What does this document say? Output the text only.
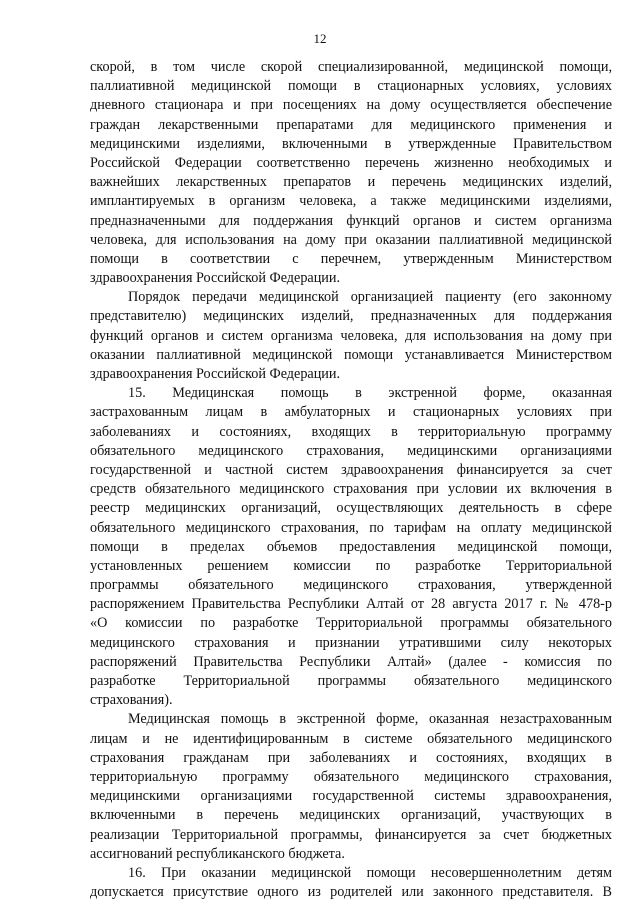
12
скорой, в том числе скорой специализированной, медицинской помощи,
паллиативной медицинской помощи в стационарных условиях, условиях
дневного стационара и при посещениях на дому осуществляется обеспечение
граждан лекарственными препаратами для медицинского применения и
медицинскими изделиями, включенными в утвержденные Правительством
Российской Федерации соответственно перечень жизненно необходимых и
важнейших лекарственных препаратов и перечень медицинских изделий,
имплантируемых в организм человека, а также медицинскими изделиями,
предназначенными для поддержания функций органов и систем организма
человека, для использования на дому при оказании паллиативной медицинской
помощи в соответствии с перечнем, утвержденным Министерством
здравоохранения Российской Федерации.
Порядок передачи медицинской организацией пациенту (его законному
представителю) медицинских изделий, предназначенных для поддержания
функций органов и систем организма человека, для использования на дому при
оказании паллиативной медицинской помощи устанавливается Министерством
здравоохранения Российской Федерации.
15. Медицинская помощь в экстренной форме, оказанная
застрахованным лицам в амбулаторных и стационарных условиях при
заболеваниях и состояниях, входящих в территориальную программу
обязательного медицинского страхования, медицинскими организациями
государственной и частной систем здравоохранения финансируется за счет
средств обязательного медицинского страхования при условии их включения в
реестр медицинских организаций, осуществляющих деятельность в сфере
обязательного медицинского страхования, по тарифам на оплату медицинской
помощи в пределах объемов предоставления медицинской помощи,
установленных решением комиссии по разработке Территориальной
программы обязательного медицинского страхования, утвержденной
распоряжением Правительства Республики Алтай от 28 августа 2017 г. № 478-р
«О комиссии по разработке Территориальной программы обязательного
медицинского страхования и признании утратившими силу некоторых
распоряжений Правительства Республики Алтай» (далее - комиссия по
разработке Территориальной программы обязательного медицинского
страхования).
Медицинская помощь в экстренной форме, оказанная незастрахованным
лицам и не идентифицированным в системе обязательного медицинского
страхования гражданам при заболеваниях и состояниях, входящих в
территориальную программу обязательного медицинского страхования,
медицинскими организациями государственной системы здравоохранения,
включенными в перечень медицинских организаций, участвующих в
реализации Территориальной программы, финансируется за счет бюджетных
ассигнований республиканского бюджета.
16. При оказании медицинской помощи несовершеннолетним детям
допускается присутствие одного из родителей или законного представителя. В
